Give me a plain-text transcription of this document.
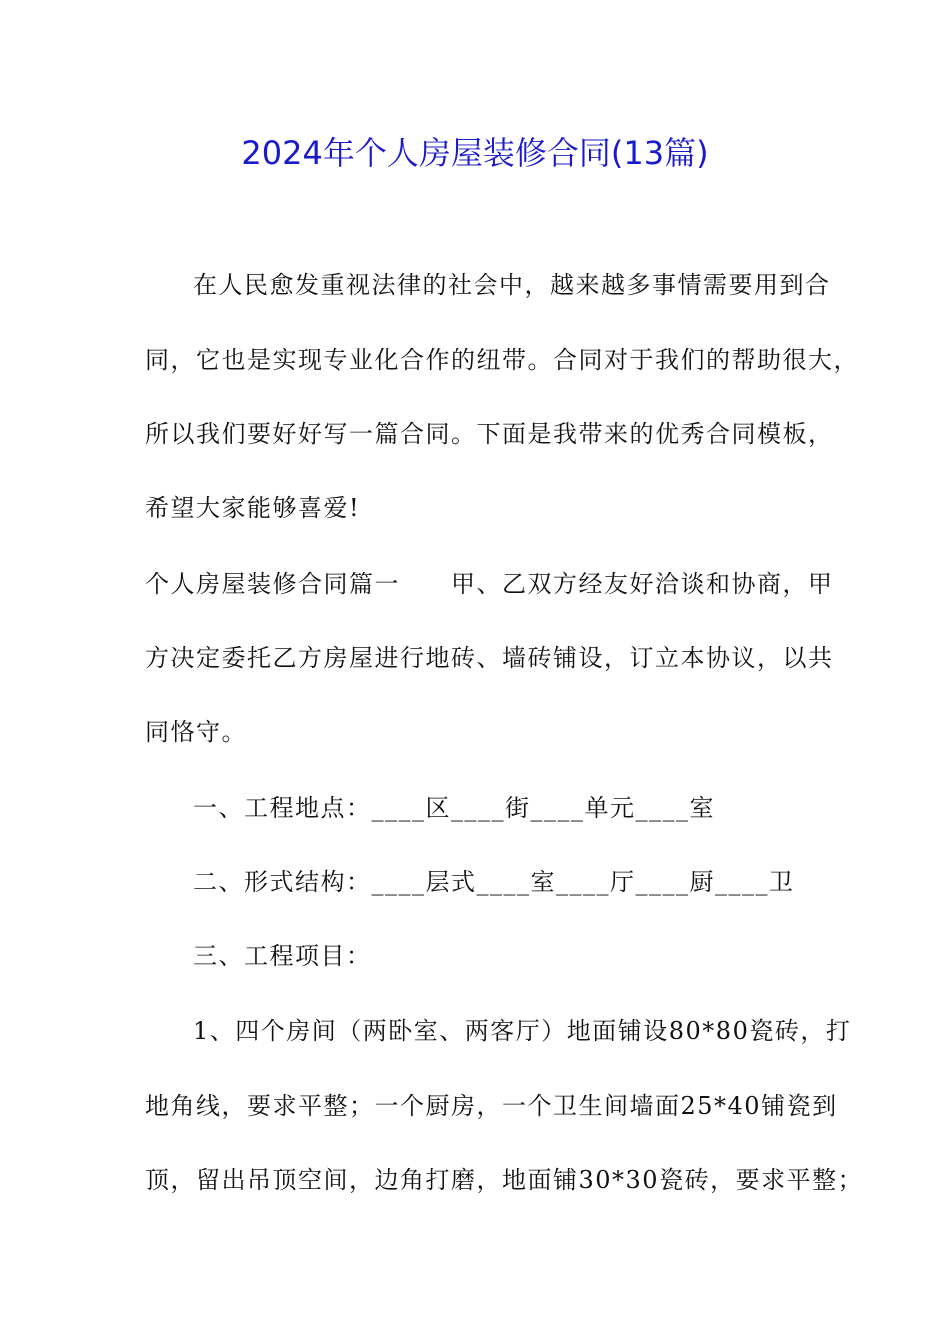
2024年个人房屋装修合同(13篇)
在人民愈发重视法律的社会中，越来越多事情需要用到合
同，它也是实现专业化合作的纽带。合同对于我们的帮助很大，
所以我们要好好写一篇合同。下面是我带来的优秀合同模板，
希望大家能够喜爱!
个人房屋装修合同篇一　　甲、乙双方经友好洽谈和协商，甲
方决定委托乙方房屋进行地砖、墙砖铺设，订立本协议，以共
同恪守。
一、工程地点：____区____街____单元____室
二、形式结构：____层式____室____厅____厨____卫
三、工程项目：
1、四个房间（两卧室、两客厅）地面铺设80*80瓷砖，打
地角线，要求平整；一个厨房，一个卫生间墙面25*40铺瓷到
顶，留出吊顶空间，边角打磨，地面铺30*30瓷砖，要求平整；
